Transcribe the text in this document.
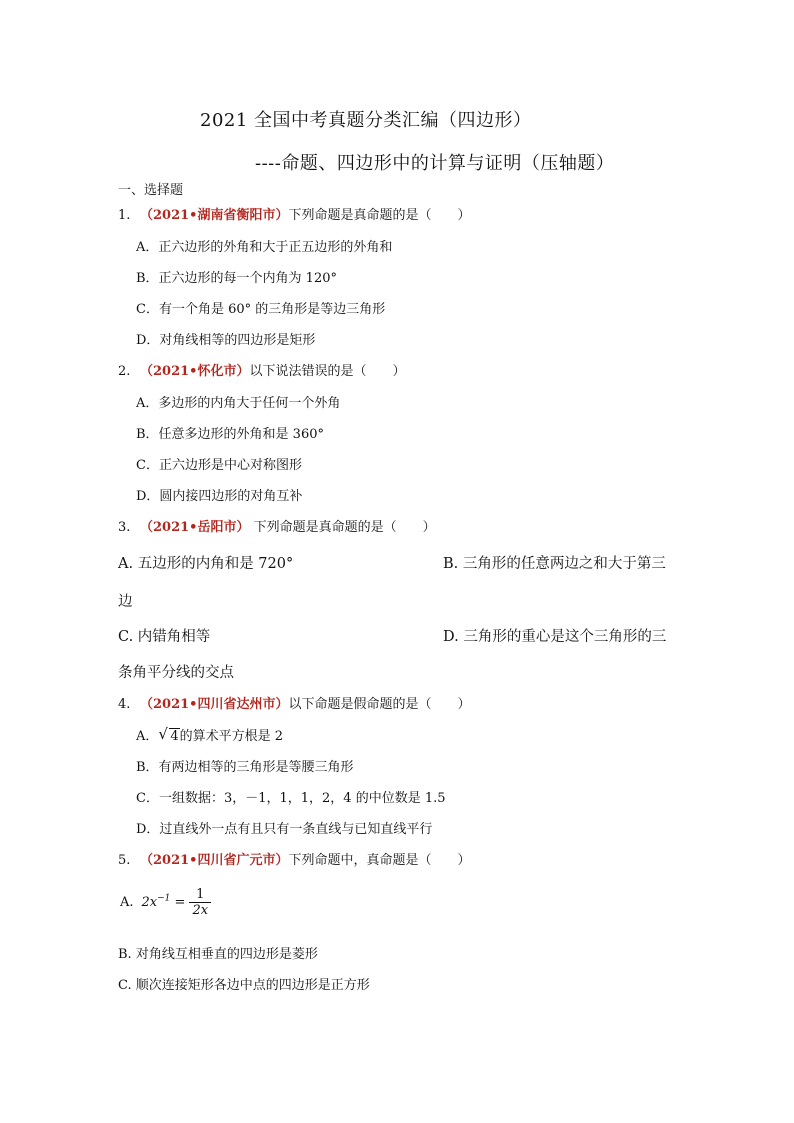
2021 全国中考真题分类汇编（四边形）
----命题、四边形中的计算与证明（压轴题）
一、选择题
1. （2021•湖南省衡阳市）下列命题是真命题的是（　　）
A．正六边形的外角和大于正五边形的外角和
B．正六边形的每一个内角为 120°
C．有一个角是 60° 的三角形是等边三角形
D．对角线相等的四边形是矩形
2. （2021•怀化市）以下说法错误的是（　　）
A．多边形的内角大于任何一个外角
B．任意多边形的外角和是 360°
C．正六边形是中心对称图形
D．圆内接四边形的对角互补
3. （2021•岳阳市） 下列命题是真命题的是（　　）
A. 五边形的内角和是 720°	B. 三角形的任意两边之和大于第三
边
C. 内错角相等	D. 三角形的重心是这个三角形的三
条角平分线的交点
4. （2021•四川省达州市）以下命题是假命题的是（　　）
A． √ 4的算术平方根是 2
B．有两边相等的三角形是等腰三角形
C．一组数据：3，－1，1，1，2，4 的中位数是 1.5
D．过直线外一点有且只有一条直线与已知直线平行
5. （2021•四川省广元市）下列命题中，真命题是（　　）
A. $2x^{-1} = \frac{1}{2x}$
B. 对角线互相垂直的四边形是菱形
C. 顺次连接矩形各边中点的四边形是正方形
